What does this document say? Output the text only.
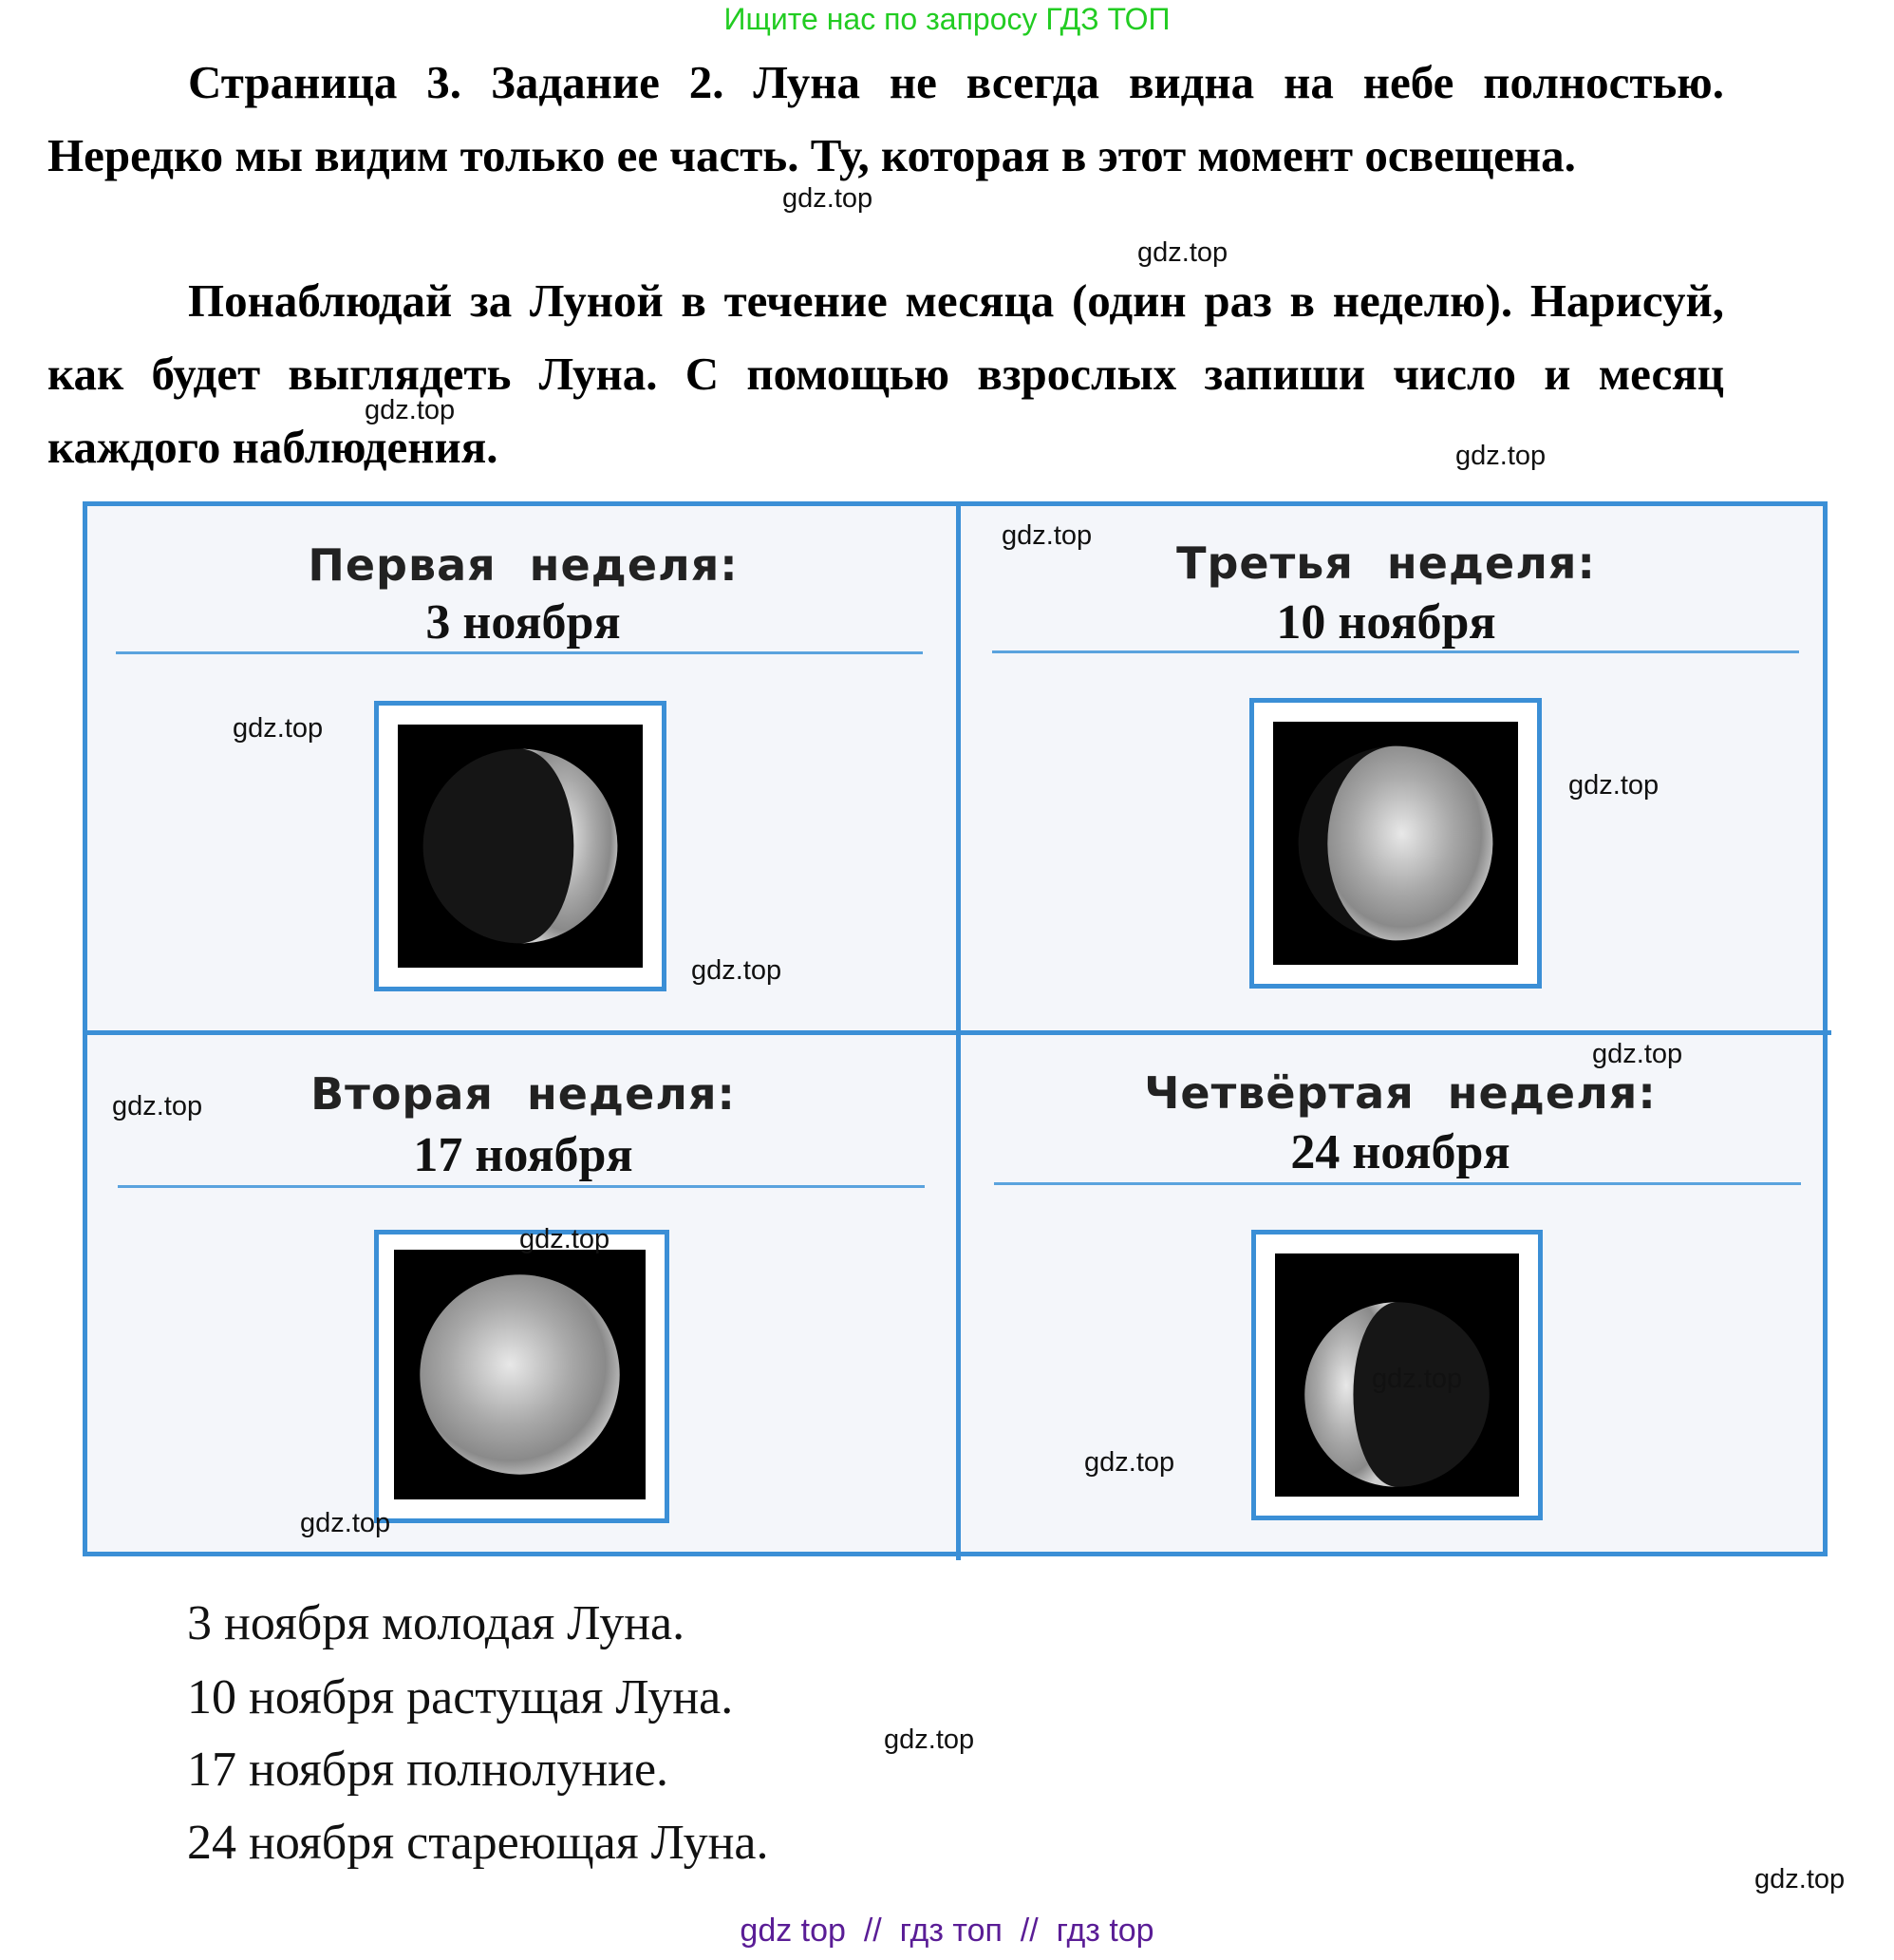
Ищите нас по запросу ГДЗ ТОП
Страница 3. Задание 2. Луна не всегда видна на небе полностью. Нередко мы видим только ее часть. Ту, которая в этот момент освещена.
Понаблюдай за Луной в течение месяца (один раз в неделю). Нарисуй, как будет выглядеть Луна. С помощью взрослых запиши число и месяц каждого наблюдения.
Первая неделя:
3 ноября
Третья неделя:
10 ноября
Вторая неделя:
17 ноября
Четвёртая неделя:
24 ноября
3 ноября молодая Луна.
10 ноября растущая Луна.
17 ноября полнолуние.
24 ноября стареющая Луна.
gdz.top
gdz.top
gdz.top
gdz.top
gdz.top
gdz.top
gdz.top
gdz.top
gdz.top
gdz.top
gdz.top
gdz.top
gdz.top
gdz.top
gdz.top
gdz.top
gdz top  //  гдз топ  //  гдз top
